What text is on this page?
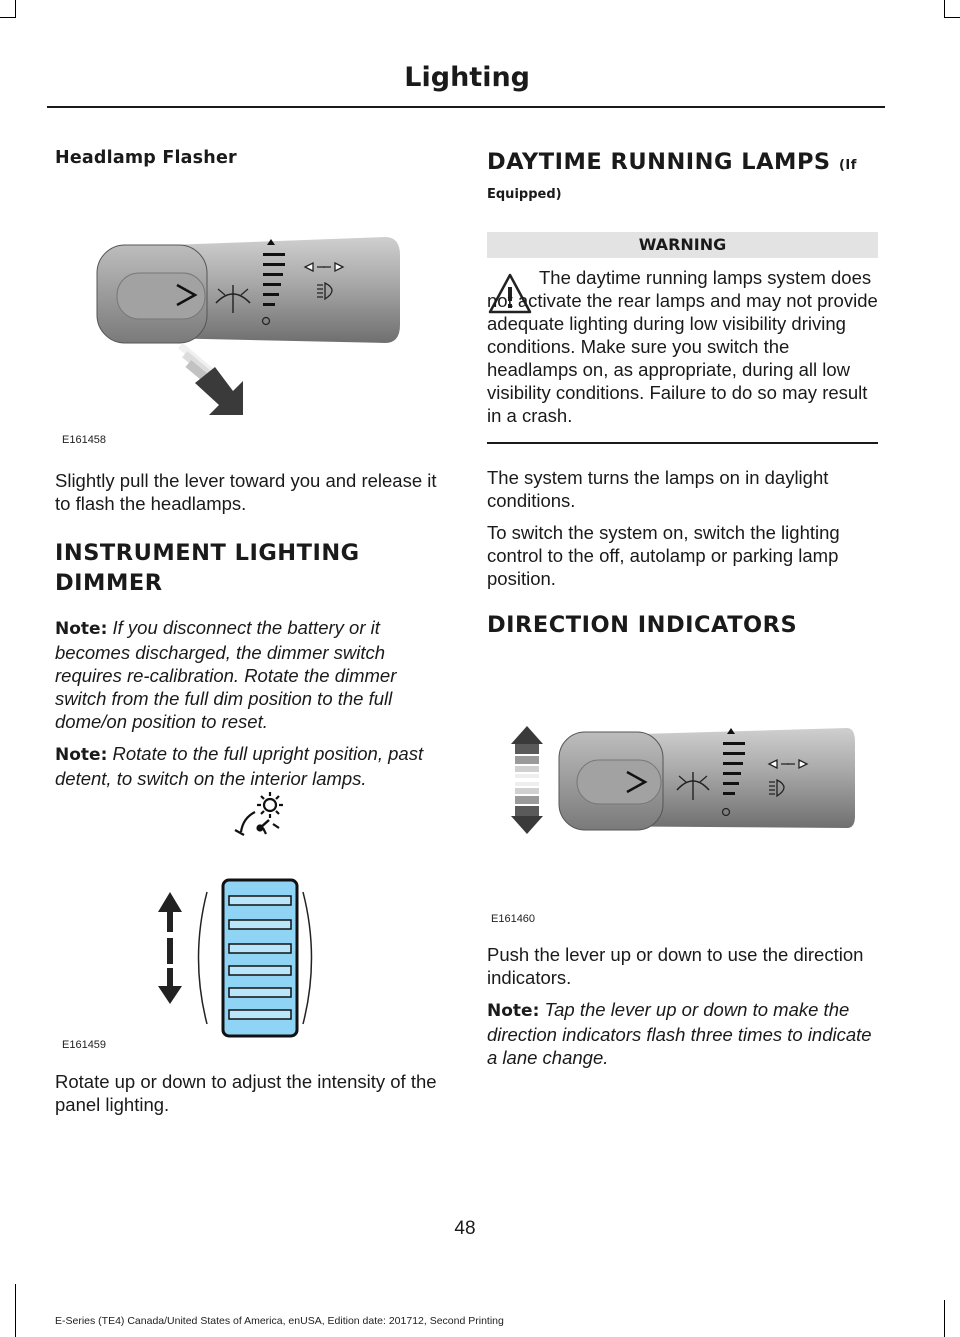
Lighting

Headlamp Flasher

E161458

Slightly pull the lever toward you and release it to flash the headlamps.

INSTRUMENT LIGHTING

DIMMER

Note: If you disconnect the battery or it becomes discharged, the dimmer switch requires re-calibration. Rotate the dimmer switch from the full dim position to the full dome/on position to reset.

Note: Rotate to the full upright position, past detent, to switch on the interior lamps.

E161459

Rotate up or down to adjust the intensity of the panel lighting.

DAYTIME RUNNING LAMPS (If

Equipped)

WARNING

The daytime running lamps system does not activate the rear lamps and may not provide adequate lighting during low visibility driving conditions. Make sure you switch the headlamps on, as appropriate, during all low visibility conditions. Failure to do so may result in a crash.

The system turns the lamps on in daylight conditions.

To switch the system on, switch the lighting control to the off, autolamp or parking lamp position.

DIRECTION INDICATORS

E161460

Push the lever up or down to use the direction indicators.

Note: Tap the lever up or down to make the direction indicators flash three times to indicate a lane change.

48
E-Series (TE4) Canada/United States of America, enUSA, Edition date: 201712, Second Printing
